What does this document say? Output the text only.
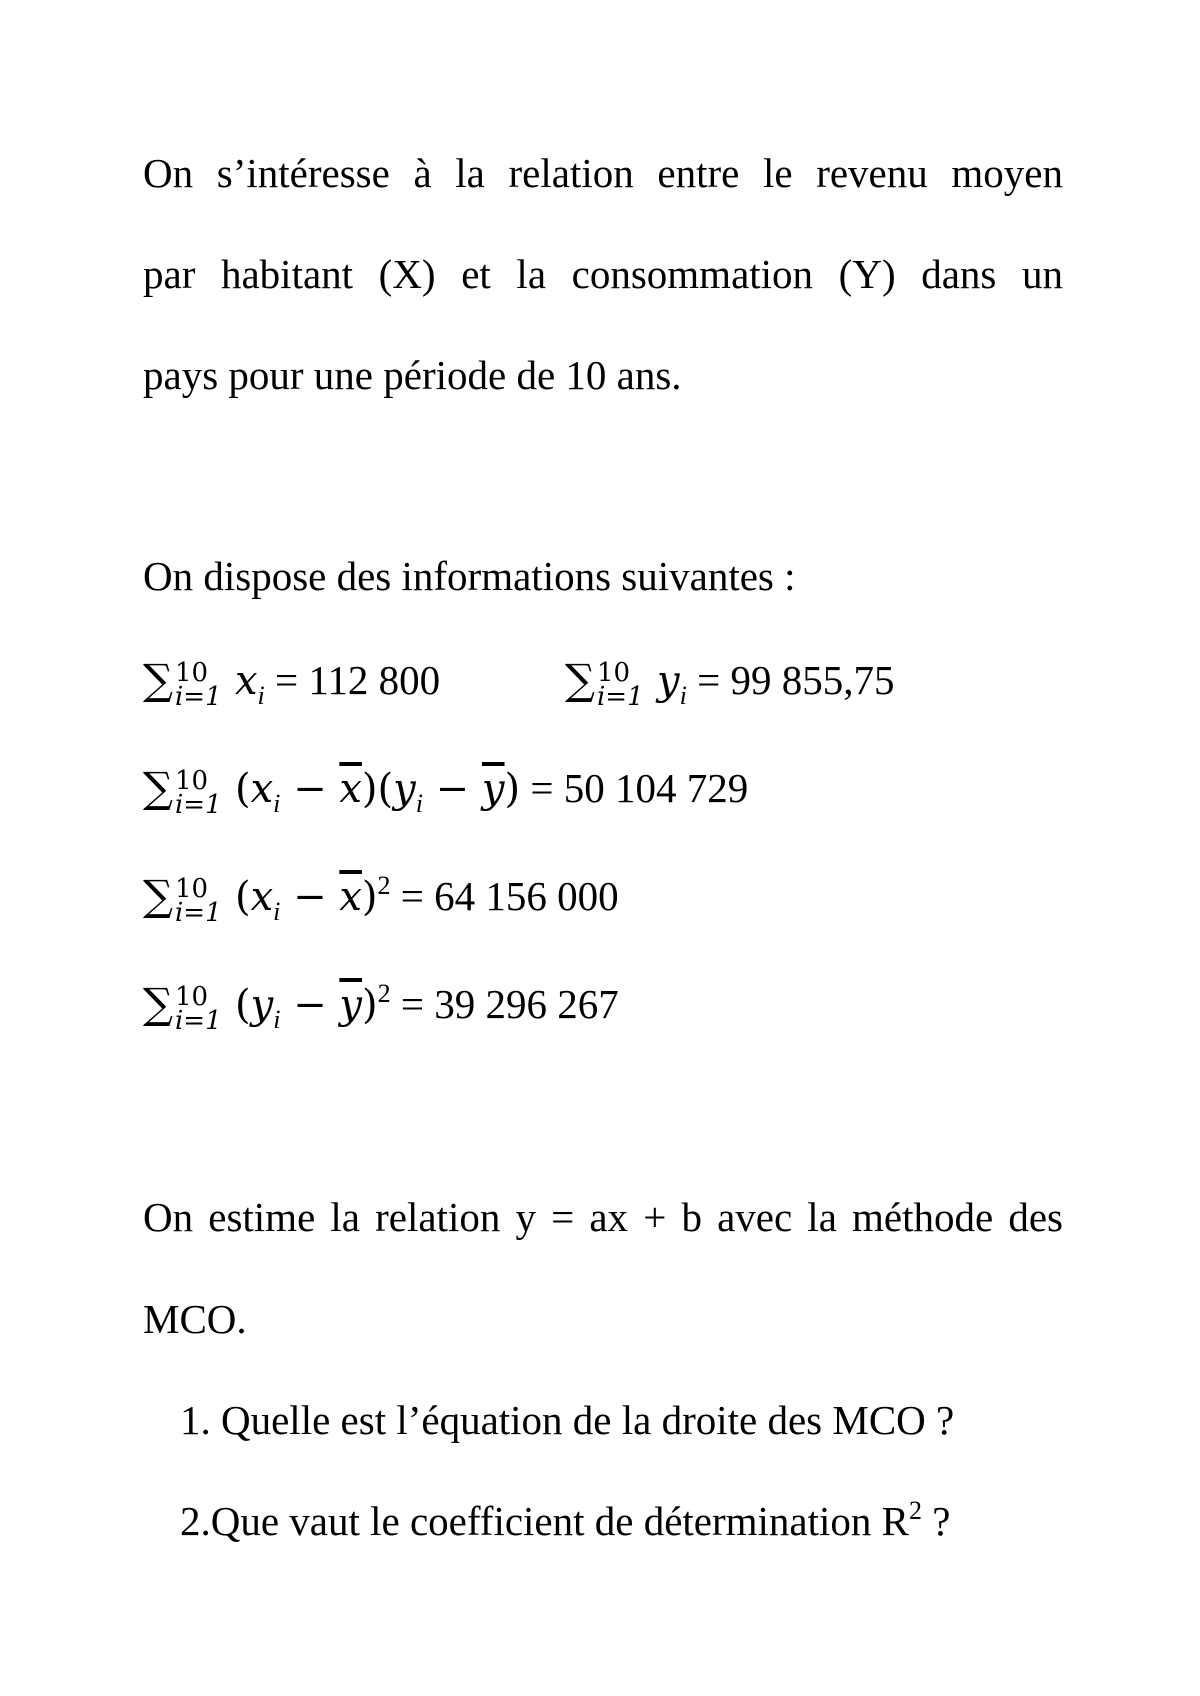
On s’intéresse à la relation entre le revenu moyen
par habitant (X) et la consommation (Y) dans un
pays pour une période de 10 ans.
On dispose des informations suivantes :
∑ 10
i=1 $x_i = 112$ 800	∑ 10
i=1 $y_i = 99$ 855,75
∑ 10
i=1 $(x_i - \overline{x})(y_i - \overline{y}) = 50$ 104 729
∑ 10
i=1 $(x_i - \overline{x})^2 = 64$ 156 000
∑ 10
i=1 $(y_i - \overline{y})^2 = 39$ 296 267
On estime la relation y = ax + b avec la méthode des
MCO.
1. Quelle est l’équation de la droite des MCO ?
2.Que vaut le coefficient de détermination $R^2$ ?
